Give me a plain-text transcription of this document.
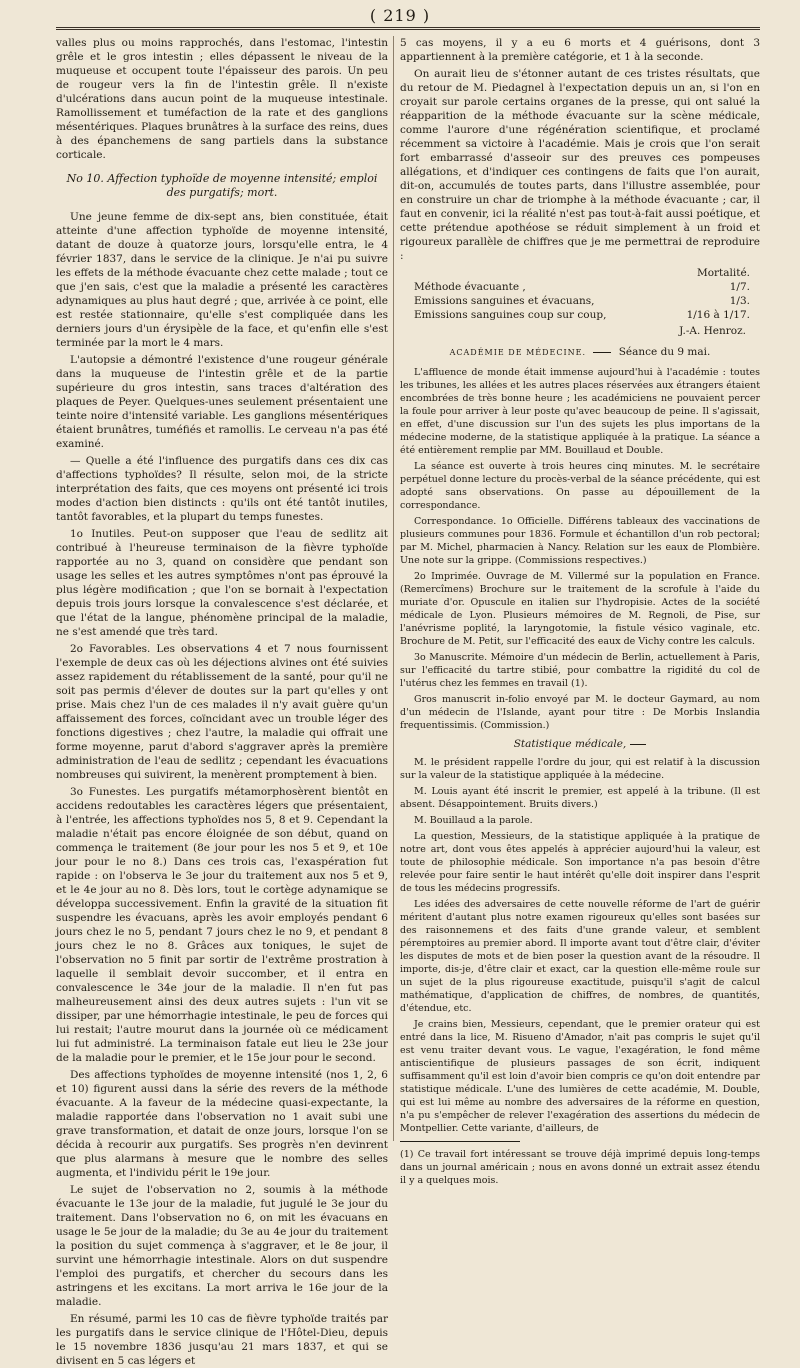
( 219 )

valles plus ou moins rapprochés, dans l'estomac, l'intestin grêle et le gros intestin ; elles dépassent le niveau de la muqueuse et occupent toute l'épaisseur des parois. Un peu de rougeur vers la fin de l'intestin grêle. Il n'existe d'ulcérations dans aucun point de la muqueuse intestinale. Ramollissement et tuméfaction de la rate et des ganglions mésentériques. Plaques brunâtres à la surface des reins, dues à des épanchemens de sang partiels dans la substance corticale.

No 10. Affection typhoïde de moyenne intensité; emploi des purgatifs; mort.

Une jeune femme de dix-sept ans, bien constituée, était atteinte d'une affection typhoïde de moyenne intensité, datant de douze à quatorze jours, lorsqu'elle entra, le 4 février 1837, dans le service de la clinique. Je n'ai pu suivre les effets de la méthode évacuante chez cette malade ; tout ce que j'en sais, c'est que la maladie a présenté les caractères adynamiques au plus haut degré ; que, arrivée à ce point, elle est restée stationnaire, qu'elle s'est compliquée dans les derniers jours d'un érysipèle de la face, et qu'enfin elle s'est terminée par la mort le 4 mars.

L'autopsie a démontré l'existence d'une rougeur générale dans la muqueuse de l'intestin grêle et de la partie supérieure du gros intestin, sans traces d'altération des plaques de Peyer. Quelques-unes seulement présentaient une teinte noire d'intensité variable. Les ganglions mésentériques étaient brunâtres, tuméfiés et ramollis. Le cerveau n'a pas été examiné.

— Quelle a été l'influence des purgatifs dans ces dix cas d'affections typhoïdes? Il résulte, selon moi, de la stricte interprétation des faits, que ces moyens ont présenté ici trois modes d'action bien distincts : qu'ils ont été tantôt inutiles, tantôt favorables, et la plupart du temps funestes.

1o Inutiles. Peut-on supposer que l'eau de sedlitz ait contribué à l'heureuse terminaison de la fièvre typhoïde rapportée au no 3, quand on considère que pendant son usage les selles et les autres symptômes n'ont pas éprouvé la plus légère modification ; que l'on se bornait à l'expectation depuis trois jours lorsque la convalescence s'est déclarée, et que l'état de la langue, phénomène principal de la maladie, ne s'est amendé que très tard.

2o Favorables. Les observations 4 et 7 nous fournissent l'exemple de deux cas où les déjections alvines ont été suivies assez rapidement du rétablissement de la santé, pour qu'il ne soit pas permis d'élever de doutes sur la part qu'elles y ont prise. Mais chez l'un de ces malades il n'y avait guère qu'un affaissement des forces, coïncidant avec un trouble léger des fonctions digestives ; chez l'autre, la maladie qui offrait une forme moyenne, parut d'abord s'aggraver après la première administration de l'eau de sedlitz ; cependant les évacuations nombreuses qui suivirent, la menèrent promptement à bien.

3o Funestes. Les purgatifs métamorphosèrent bientôt en accidens redoutables les caractères légers que présentaient, à l'entrée, les affections typhoïdes nos 5, 8 et 9. Cependant la maladie n'était pas encore éloignée de son début, quand on commença le traitement (8e jour pour les nos 5 et 9, et 10e jour pour le no 8.) Dans ces trois cas, l'exaspération fut rapide : on l'observa le 3e jour du traitement aux nos 5 et 9, et le 4e jour au no 8. Dès lors, tout le cortège adynamique se développa successivement. Enfin la gravité de la situation fit suspendre les évacuans, après les avoir employés pendant 6 jours chez le no 5, pendant 7 jours chez le no 9, et pendant 8 jours chez le no 8. Grâces aux toniques, le sujet de l'observation no 5 finit par sortir de l'extrême prostration à laquelle il semblait devoir succomber, et il entra en convalescence le 34e jour de la maladie. Il n'en fut pas malheureusement ainsi des deux autres sujets : l'un vit se dissiper, par une hémorrhagie intestinale, le peu de forces qui lui restait; l'autre mourut dans la journée où ce médicament lui fut administré. La terminaison fatale eut lieu le 23e jour de la maladie pour le premier, et le 15e jour pour le second.

Des affections typhoïdes de moyenne intensité (nos 1, 2, 6 et 10) figurent aussi dans la série des revers de la méthode évacuante. A la faveur de la médecine quasi-expectante, la maladie rapportée dans l'observation no 1 avait subi une grave transformation, et datait de onze jours, lorsque l'on se décida à recourir aux purgatifs. Ses progrès n'en devinrent que plus alarmans à mesure que le nombre des selles augmenta, et l'individu périt le 19e jour.

Le sujet de l'observation no 2, soumis à la méthode évacuante le 13e jour de la maladie, fut jugulé le 3e jour du traitement. Dans l'observation no 6, on mit les évacuans en usage le 5e jour de la maladie; du 3e au 4e jour du traitement la position du sujet commença à s'aggraver, et le 8e jour, il survint une hémorrhagie intestinale. Alors on dut suspendre l'emploi des purgatifs, et chercher du secours dans les astringens et les excitans. La mort arriva le 16e jour de la maladie.

En résumé, parmi les 10 cas de fièvre typhoïde traités par les purgatifs dans le service clinique de l'Hôtel-Dieu, depuis le 15 novembre 1836 jusqu'au 21 mars 1837, et qui se divisent en 5 cas légers et

5 cas moyens, il y a eu 6 morts et 4 guérisons, dont 3 appartiennent à la première catégorie, et 1 à la seconde.

On aurait lieu de s'étonner autant de ces tristes résultats, que du retour de M. Piedagnel à l'expectation depuis un an, si l'on en croyait sur parole certains organes de la presse, qui ont salué la réapparition de la méthode évacuante sur la scène médicale, comme l'aurore d'une régénération scientifique, et proclamé récemment sa victoire à l'académie. Mais je crois que l'on serait fort embarrassé d'asseoir sur des preuves ces pompeuses allégations, et d'indiquer ces contingens de faits que l'on aurait, dit-on, accumulés de toutes parts, dans l'illustre assemblée, pour en construire un char de triomphe à la méthode évacuante ; car, il faut en convenir, ici la réalité n'est pas tout-à-fait aussi poétique, et cette prétendue apothéose se réduit simplement à un froid et rigoureux parallèle de chiffres que je me permettrai de reproduire :

Mortalité.
Méthode évacuante ,	1/7.
Emissions sanguines et évacuans,	1/3.
Emissions sanguines coup sur coup,	1/16 à 1/17.
J.-A. Henroz.
ACADÉMIE DE MÉDECINE.	Séance du 9 mai.

L'affluence de monde était immense aujourd'hui à l'académie : toutes les tribunes, les allées et les autres places réservées aux étrangers étaient encombrées de très bonne heure ; les académiciens ne pouvaient percer la foule pour arriver à leur poste qu'avec beaucoup de peine. Il s'agissait, en effet, d'une discussion sur l'un des sujets les plus importans de la médecine moderne, de la statistique appliquée à la pratique. La séance a été entièrement remplie par MM. Bouillaud et Double.

La séance est ouverte à trois heures cinq minutes. M. le secrétaire perpétuel donne lecture du procès-verbal de la séance précédente, qui est adopté sans observations. On passe au dépouillement de la correspondance.

Correspondance. 1o Officielle. Différens tableaux des vaccinations de plusieurs communes pour 1836. Formule et échantillon d'un rob pectoral; par M. Michel, pharmacien à Nancy. Relation sur les eaux de Plombière. Une note sur la grippe. (Commissions respectives.)

2o Imprimée. Ouvrage de M. Villermé sur la population en France. (Remercîmens) Brochure sur le traitement de la scrofule à l'aide du muriate d'or. Opuscule en italien sur l'hydropisie. Actes de la société médicale de Lyon. Plusieurs mémoires de M. Regnoli, de Pise, sur l'anévrisme poplité, la laryngotomie, la fistule vésico vaginale, etc. Brochure de M. Petit, sur l'efficacité des eaux de Vichy contre les calculs.

3o Manuscrite. Mémoire d'un médecin de Berlin, actuellement à Paris, sur l'efficacité du tartre stibié, pour combattre la rigidité du col de l'utérus chez les femmes en travail (1).

Gros manuscrit in-folio envoyé par M. le docteur Gaymard, au nom d'un médecin de l'Islande, ayant pour titre : De Morbis Inslandia frequentissimis. (Commission.)

Statistique médicale,

M. le président rappelle l'ordre du jour, qui est relatif à la discussion sur la valeur de la statistique appliquée à la médecine.

M. Louis ayant été inscrit le premier, est appelé à la tribune. (Il est absent. Désappointement. Bruits divers.)

M. Bouillaud a la parole.

La question, Messieurs, de la statistique appliquée à la pratique de notre art, dont vous êtes appelés à apprécier aujourd'hui la valeur, est toute de philosophie médicale. Son importance n'a pas besoin d'être relevée pour faire sentir le haut intérêt qu'elle doit inspirer dans l'esprit de tous les médecins progressifs.

Les idées des adversaires de cette nouvelle réforme de l'art de guérir méritent d'autant plus notre examen rigoureux qu'elles sont basées sur des raisonnemens et des faits d'une grande valeur, et semblent péremptoires au premier abord. Il importe avant tout d'être clair, d'éviter les disputes de mots et de bien poser la question avant de la résoudre. Il importe, dis-je, d'être clair et exact, car la question elle-même roule sur un sujet de la plus rigoureuse exactitude, puisqu'il s'agit de calcul mathématique, d'application de chiffres, de nombres, de quantités, d'étendue, etc.

Je crains bien, Messieurs, cependant, que le premier orateur qui est entré dans la lice, M. Risueno d'Amador, n'ait pas compris le sujet qu'il est venu traiter devant vous. Le vague, l'exagération, le fond même antiscientifique de plusieurs passages de son écrit, indiquent suffisamment qu'il est loin d'avoir bien compris ce qu'on doit entendre par statistique médicale. L'une des lumières de cette académie, M. Double, qui est lui même au nombre des adversaires de la réforme en question, n'a pu s'empêcher de relever l'exagération des assertions du médecin de Montpellier. Cette variante, d'ailleurs, de

(1) Ce travail fort intéressant se trouve déjà imprimé depuis long-temps dans un journal américain ; nous en avons donné un extrait assez étendu il y a quelques mois.
